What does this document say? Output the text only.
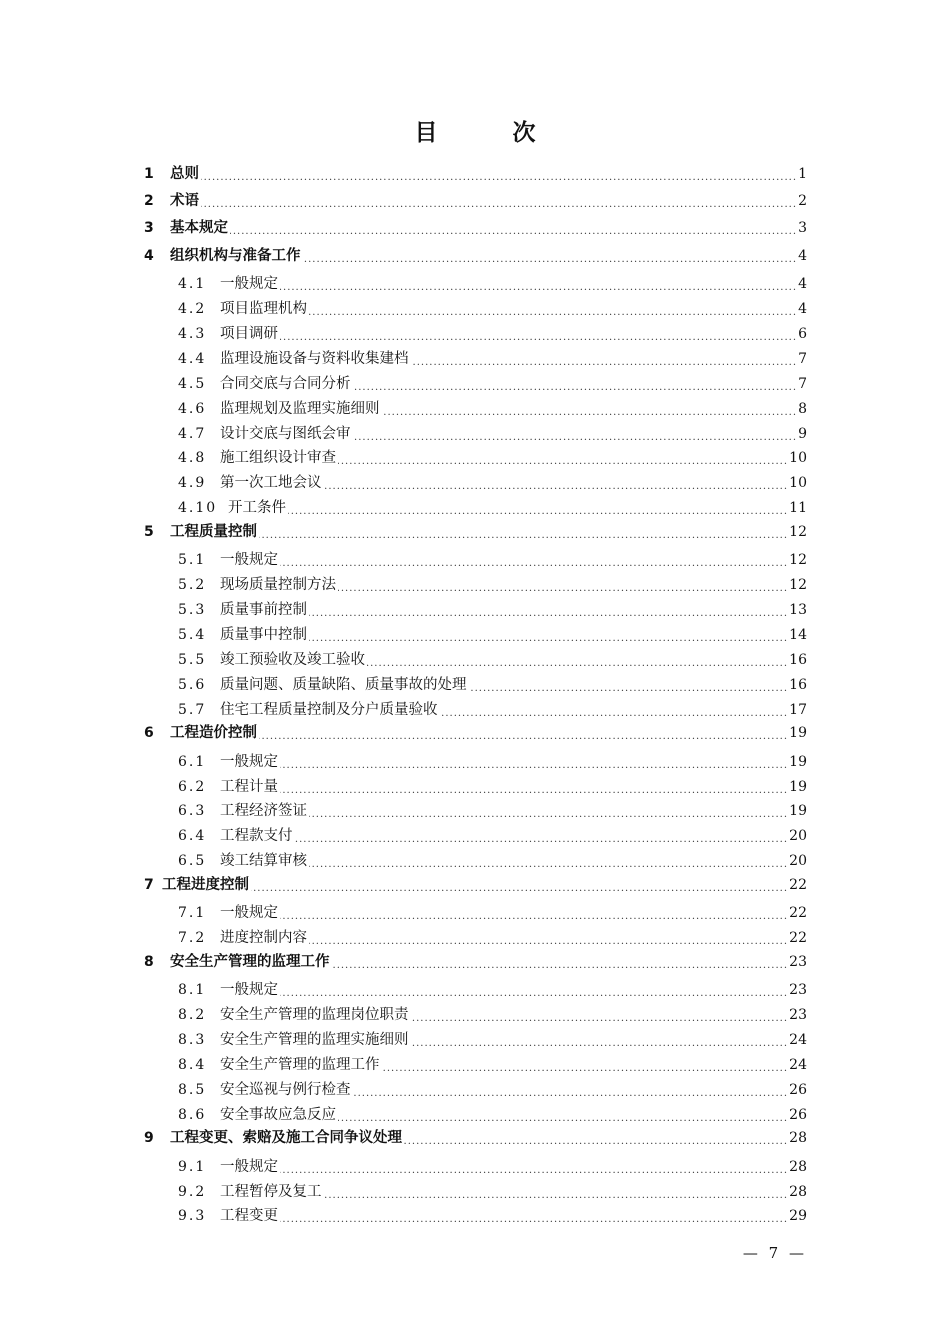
目　次
1 总则 .....	1
2 术语 .....	2
3 基本规定 .....	3
4 组织机构与准备工作 .....	4
4.1 一般规定 .....	4
4.2 项目监理机构 .....	4
4.3 项目调研 .....	6
4.4 监理设施设备与资料收集建档 .....	7
4.5 合同交底与合同分析 .....	7
4.6 监理规划及监理实施细则 .....	8
4.7 设计交底与图纸会审 .....	9
4.8 施工组织设计审查 .....	10
4.9 第一次工地会议 .....	10
4.10 开工条件 .....	11
5 工程质量控制 .....	12
5.1 一般规定 .....	12
5.2 现场质量控制方法 .....	12
5.3 质量事前控制 .....	13
5.4 质量事中控制 .....	14
5.5 竣工预验收及竣工验收 .....	16
5.6 质量问题、质量缺陷、质量事故的处理 .....	16
5.7 住宅工程质量控制及分户质量验收 .....	17
6 工程造价控制 .....	19
6.1 一般规定 .....	19
6.2 工程计量 .....	19
6.3 工程经济签证 .....	19
6.4 工程款支付 .....	20
6.5 竣工结算审核 .....	20
7 工程进度控制 .....	22
7.1 一般规定 .....	22
7.2 进度控制内容 .....	22
8 安全生产管理的监理工作 .....	23
8.1 一般规定 .....	23
8.2 安全生产管理的监理岗位职责 .....	23
8.3 安全生产管理的监理实施细则 .....	24
8.4 安全生产管理的监理工作 .....	24
8.5 安全巡视与例行检查 .....	26
8.6 安全事故应急反应 .....	26
9 工程变更、索赔及施工合同争议处理 .....	28
9.1 一般规定 .....	28
9.2 工程暂停及复工 .....	28
9.3 工程变更 .....	29
— 7 —
